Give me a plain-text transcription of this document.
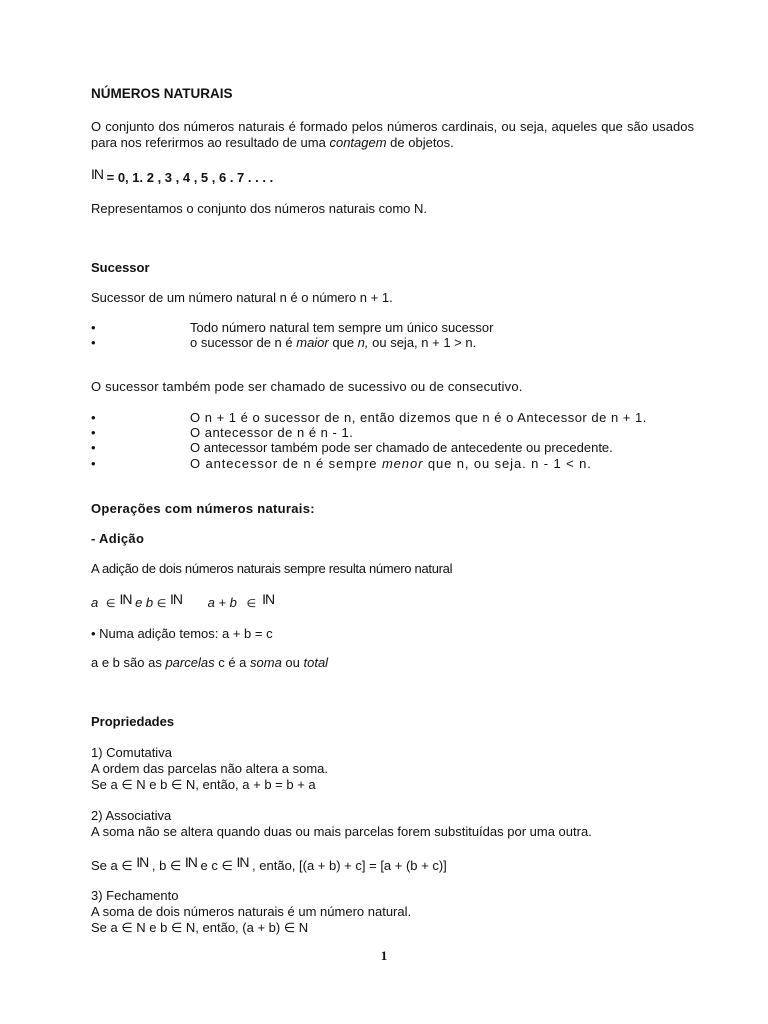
NÚMEROS NATURAIS
O conjunto dos números naturais é formado pelos números cardinais, ou seja, aqueles que são usados para nos referirmos ao resultado de uma contagem de objetos.
IN = 0, 1. 2 , 3 , 4 , 5 , 6 . 7 . . . .
Representamos o conjunto dos números naturais como N.
Sucessor
Sucessor de um número natural n é o número n + 1.
•	Todo número natural tem sempre um único sucessor
•	o sucessor de n é maior que n, ou seja, n + 1 > n.
O sucessor também pode ser chamado de sucessivo ou de consecutivo.
•	O n + 1 é o sucessor de n, então dizemos que n é o Antecessor de n + 1.
•	O antecessor de n é n - 1.
•	O antecessor também pode ser chamado de antecedente ou precedente.
•	O antecessor de n é sempre menor que n, ou seja. n - 1 < n.
Operações com números naturais:
- Adição
A adição de dois números naturais sempre resulta número natural
a ∈ IN e b ∈ IN a + b ∈ IN
• Numa adição temos: a + b = c
a e b são as parcelas c é a soma ou total
Propriedades
1) Comutativa
A ordem das parcelas não altera a soma.
Se a ∈ N e b ∈ N, então, a + b = b + a
2) Associativa
A soma não se altera quando duas ou mais parcelas forem substituídas por uma outra.
Se a ∈ IN , b ∈ IN e c ∈ IN , então, [(a + b) + c] = [a + (b + c)]
3) Fechamento
A soma de dois números naturais é um número natural.
Se a ∈ N e b ∈ N, então, (a + b) ∈ N
1
